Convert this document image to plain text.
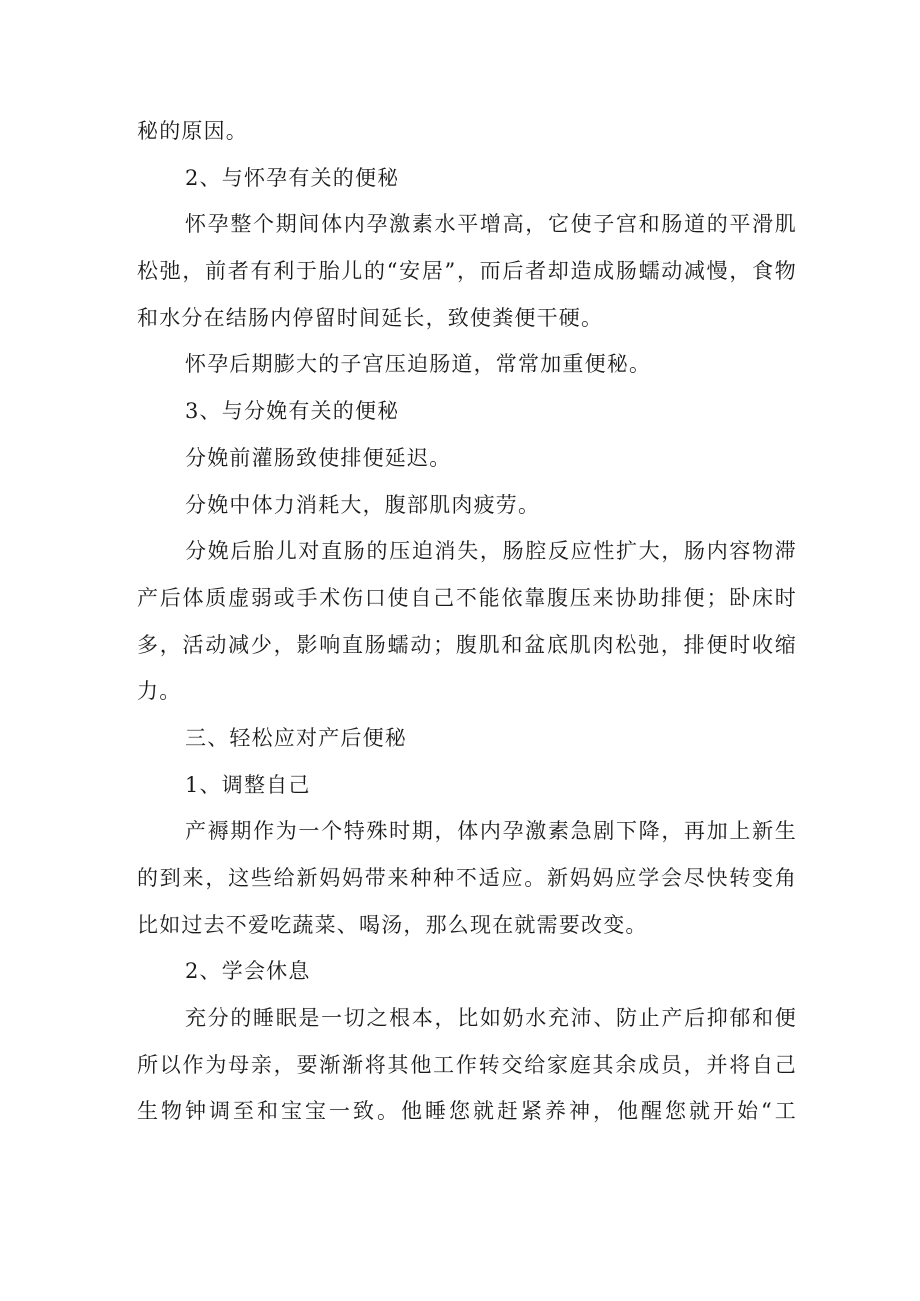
秘的原因。
2、与怀孕有关的便秘
怀孕整个期间体内孕激素水平增高，它使子宫和肠道的平滑肌
松弛，前者有利于胎儿的“安居”，而后者却造成肠蠕动减慢，食物
和水分在结肠内停留时间延长，致使粪便干硬。
怀孕后期膨大的子宫压迫肠道，常常加重便秘。
3、与分娩有关的便秘
分娩前灌肠致使排便延迟。
分娩中体力消耗大，腹部肌肉疲劳。
分娩后胎儿对直肠的压迫消失，肠腔反应性扩大，肠内容物滞
产后体质虚弱或手术伤口使自己不能依靠腹压来协助排便；卧床时
多，活动减少，影响直肠蠕动；腹肌和盆底肌肉松弛，排便时收缩
力。
三、轻松应对产后便秘
1、调整自己
产褥期作为一个特殊时期，体内孕激素急剧下降，再加上新生
的到来，这些给新妈妈带来种种不适应。新妈妈应学会尽快转变角
比如过去不爱吃蔬菜、喝汤，那么现在就需要改变。
2、学会休息
充分的睡眠是一切之根本，比如奶水充沛、防止产后抑郁和便
所以作为母亲，要渐渐将其他工作转交给家庭其余成员，并将自己
生物钟调至和宝宝一致。他睡您就赶紧养神，他醒您就开始“工
